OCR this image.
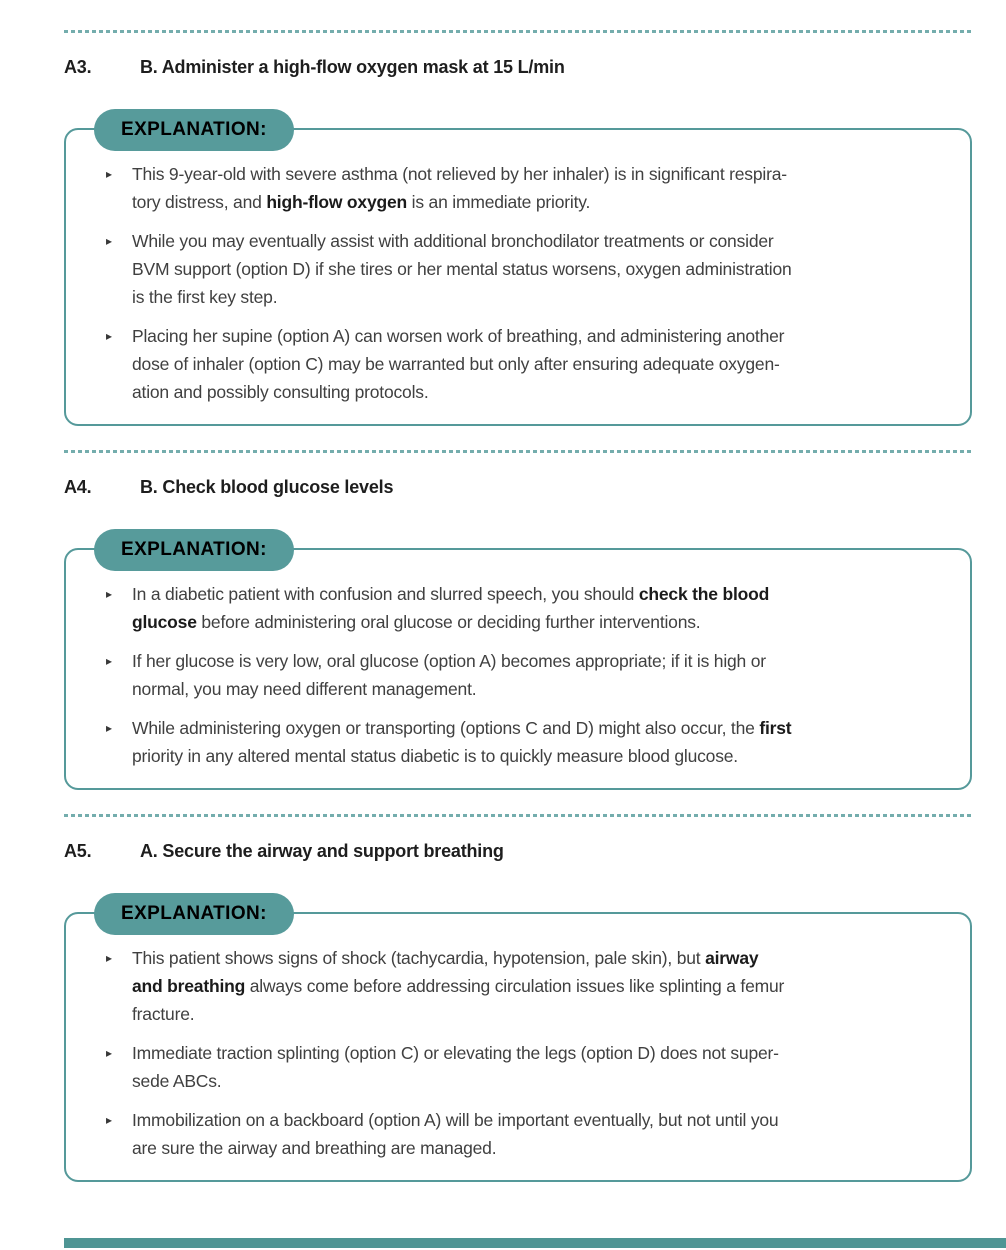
A3.	B. Administer a high-flow oxygen mask at 15 L/min
EXPLANATION:
▸	This 9-year-old with severe asthma (not relieved by her inhaler) is in significant respira-
tory distress, and high-flow oxygen is an immediate priority.
▸	While you may eventually assist with additional bronchodilator treatments or consider
BVM support (option D) if she tires or her mental status worsens, oxygen administration
is the first key step.
▸	Placing her supine (option A) can worsen work of breathing, and administering another
dose of inhaler (option C) may be warranted but only after ensuring adequate oxygen-
ation and possibly consulting protocols.
A4.	B. Check blood glucose levels
EXPLANATION:
▸	In a diabetic patient with confusion and slurred speech, you should check the blood
glucose before administering oral glucose or deciding further interventions.
▸	If her glucose is very low, oral glucose (option A) becomes appropriate; if it is high or
normal, you may need different management.
▸	While administering oxygen or transporting (options C and D) might also occur, the first
priority in any altered mental status diabetic is to quickly measure blood glucose.
A5.	A. Secure the airway and support breathing
EXPLANATION:
▸	This patient shows signs of shock (tachycardia, hypotension, pale skin), but airway
and breathing always come before addressing circulation issues like splinting a femur
fracture.
▸	Immediate traction splinting (option C) or elevating the legs (option D) does not super-
sede ABCs.
▸	Immobilization on a backboard (option A) will be important eventually, but not until you
are sure the airway and breathing are managed.
